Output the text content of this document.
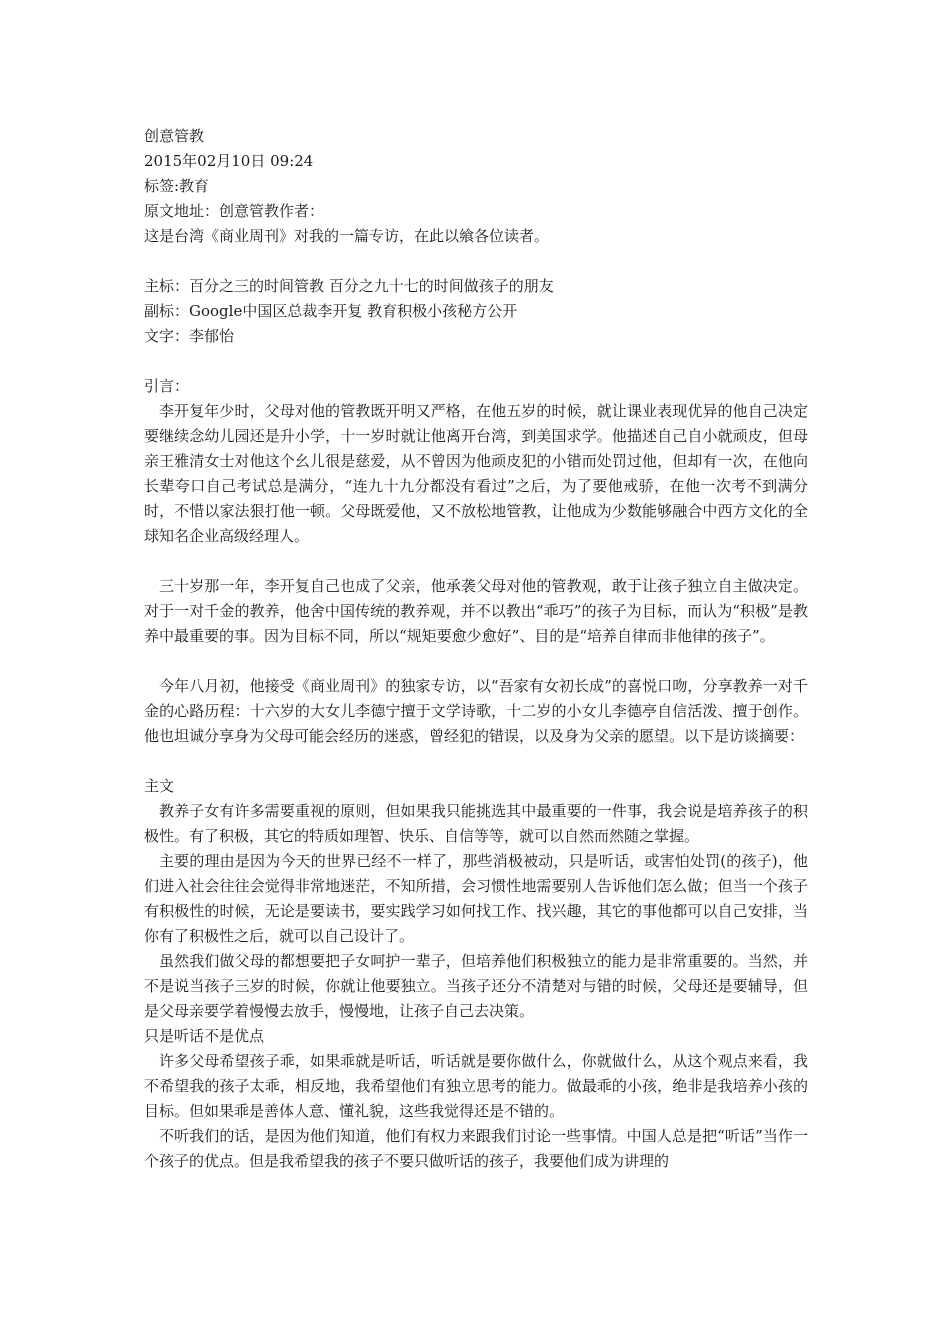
创意管教
2015年02月10日 09:24
标签:教育
原文地址：创意管教作者：
这是台湾《商业周刊》对我的一篇专访，在此以飨各位读者。
主标：百分之三的时间管教 百分之九十七的时间做孩子的朋友
副标：Google中国区总裁李开复 教育积极小孩秘方公开
文字：李郁怡
引言：

李开复年少时，父母对他的管教既开明又严格，在他五岁的时候，就让课业表现优异的他自己决定要继续念幼儿园还是升小学，十一岁时就让他离开台湾，到美国求学。他描述自己自小就顽皮，但母亲王雅清女士对他这个幺儿很是慈爱，从不曾因为他顽皮犯的小错而处罚过他，但却有一次，在他向长辈夸口自己考试总是满分，“连九十九分都没有看过”之后，为了要他戒骄，在他一次考不到满分时，不惜以家法狠打他一顿。父母既爱他，又不放松地管教，让他成为少数能够融合中西方文化的全球知名企业高级经理人。

三十岁那一年，李开复自己也成了父亲，他承袭父母对他的管教观，敢于让孩子独立自主做决定。对于一对千金的教养，他舍中国传统的教养观，并不以教出“乖巧”的孩子为目标，而认为“积极”是教养中最重要的事。因为目标不同，所以“规矩要愈少愈好”、目的是“培养自律而非他律的孩子”。

今年八月初，他接受《商业周刊》的独家专访，以“吾家有女初长成”的喜悦口吻，分享教养一对千金的心路历程：十六岁的大女儿李德宁擅于文学诗歌，十二岁的小女儿李德亭自信活泼、擅于创作。他也坦诚分享身为父母可能会经历的迷惑，曾经犯的错误，以及身为父亲的愿望。以下是访谈摘要：

主文

教养子女有许多需要重视的原则，但如果我只能挑选其中最重要的一件事，我会说是培养孩子的积极性。有了积极，其它的特质如理智、快乐、自信等等，就可以自然而然随之掌握。

主要的理由是因为今天的世界已经不一样了，那些消极被动，只是听话，或害怕处罚(的孩子)，他们进入社会往往会觉得非常地迷茫，不知所措，会习惯性地需要别人告诉他们怎么做；但当一个孩子有积极性的时候，无论是要读书，要实践学习如何找工作、找兴趣，其它的事他都可以自己安排，当你有了积极性之后，就可以自己设计了。

虽然我们做父母的都想要把子女呵护一辈子，但培养他们积极独立的能力是非常重要的。当然，并不是说当孩子三岁的时候，你就让他要独立。当孩子还分不清楚对与错的时候，父母还是要辅导，但是父母亲要学着慢慢去放手，慢慢地，让孩子自己去决策。

只是听话不是优点

许多父母希望孩子乖，如果乖就是听话，听话就是要你做什么，你就做什么，从这个观点来看，我不希望我的孩子太乖，相反地，我希望他们有独立思考的能力。做最乖的小孩，绝非是我培养小孩的目标。但如果乖是善体人意、懂礼貌，这些我觉得还是不错的。

不听我们的话，是因为他们知道，他们有权力来跟我们讨论一些事情。中国人总是把“听话”当作一个孩子的优点。但是我希望我的孩子不要只做听话的孩子，我要他们成为讲理的
